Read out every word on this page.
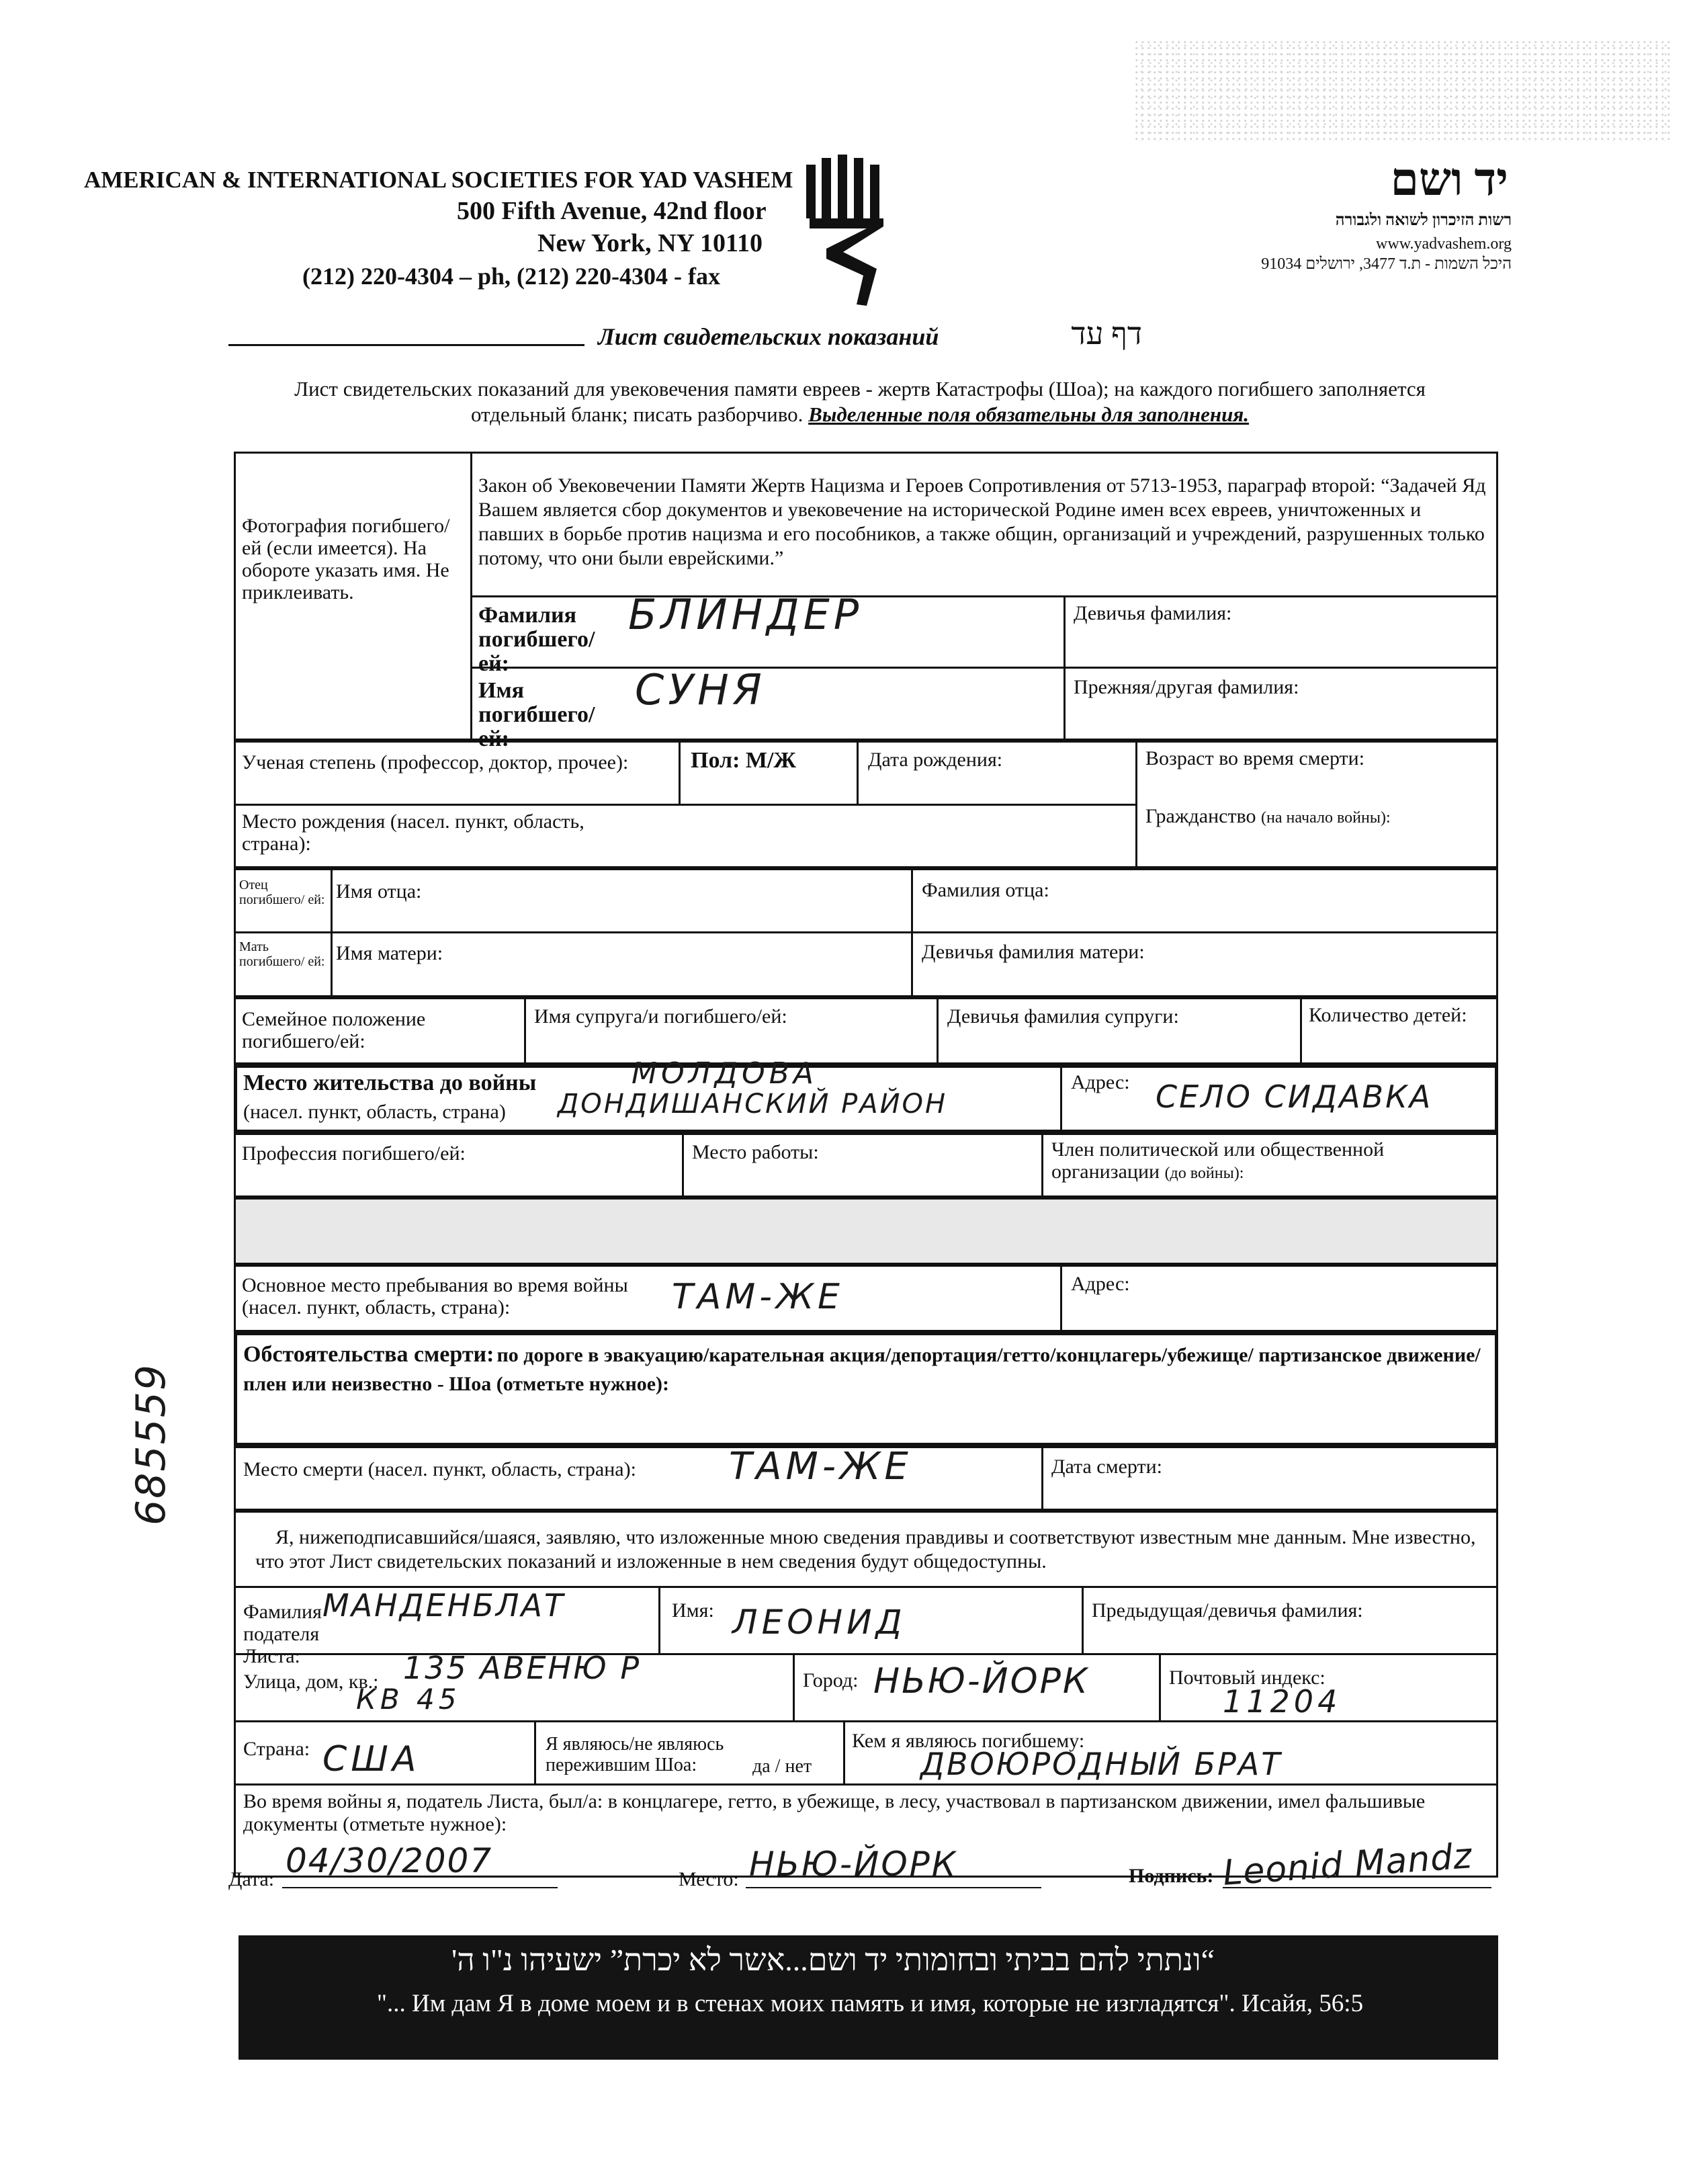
AMERICAN & INTERNATIONAL SOCIETIES FOR YAD VASHEM
500 Fifth Avenue, 42nd floor
New York, NY 10110
(212) 220-4304 – ph, (212) 220-4304 - fax
יד ושם
רשות הזיכרון לשואה ולגבורה
www.yadvashem.org
היכל השמות - ת.ד 3477, ירושלים 91034
Лист свидетельских показаний	דף עד
Лист свидетельских показаний для увековечения памяти евреев - жертв Катастрофы (Шоа); на каждого погибшего заполняется отдельный бланк; писать разборчиво. Выделенные поля обязательны для заполнения.
Фотография погибшего/ей (если имеется). На обороте указать имя. Не приклеивать.
Закон об Увековечении Памяти Жертв Нацизма и Героев Сопротивления от 5713-1953, параграф второй: “Задачей Яд Вашем является сбор документов и увековечение на исторической Родине имен всех евреев, уничтоженных и павших в борьбе против нацизма и его пособников, а также общин, организаций и учреждений, разрушенных только потому, что они были еврейскими.”
Фамилия погибшего/ей:
БЛИНДЕР	Девичья фамилия:
Имя погибшего/ей:
СУНЯ	Прежняя/другая фамилия:
Ученая степень (профессор, доктор, прочее):	Пол: М/Ж	Дата рождения:	Возраст во время смерти:
Место рождения (насел. пункт, область, страна):
Гражданство (на начало войны):
Отец погибшего/ ей: Имя отца:	Фамилия отца:
Мать погибшего/ ей: Имя матери:	Девичья фамилия матери:
Семейное положение погибшего/ей:
Имя супруга/и погибшего/ей:	Девичья фамилия супруги:	Количество детей:
Место жительства до войны
(насел. пункт, область, страна)
МОЛДОВА
ДОНДИШАНСКИЙ РАЙОН
Адрес: СЕЛО СИДАВКА
Профессия погибшего/ей:	Место работы:	Член политической или общественной организации (до войны):
Основное место пребывания во время войны (насел. пункт, область, страна):	ТАМ-ЖЕ	Адрес:
Обстоятельства смерти: по дороге в эвакуацию/карательная акция/депортация/гетто/концлагерь/убежище/ партизанское движение/плен или неизвестно - Шоа (отметьте нужное):
Место смерти (насел. пункт, область, страна): ТАМ-ЖЕ	Дата смерти:
Я, нижеподписавшийся/шаяся, заявляю, что изложенные мною сведения правдивы и соответствуют известным мне данным. Мне известно, что этот Лист свидетельских показаний и изложенные в нем сведения будут общедоступны.
Фамилия подателя Листа:
МАНДЕНБЛАТ	Имя: ЛЕОНИД	Предыдущая/девичья фамилия:
Улица, дом, кв.: 135 АВЕНЮ Р
КВ 45
Город: НЬЮ-ЙОРК	Почтовый индекс:
11204
Страна: США	Я являюсь/не являюсь пережившим Шоа:	да / нет
Кем я являюсь погибшему:
ДВОЮРОДНЫЙ БРАТ
Во время войны я, податель Листа, был/а: в концлагере, гетто, в убежище, в лесу, участвовал в партизанском движении, имел фальшивые документы (отметьте нужное):
Дата: 04/30/2007	Место: НЬЮ-ЙОРК	Подпись: Leonid Mandz
“ונתתי להם בביתי ובחומותי יד ושם...אשר לא יכרת” ישעיהו נ"ו ה'
"... Им дам Я в доме моем и в стенах моих память и имя, которые не изгладятся". Исайя, 56:5
685559
